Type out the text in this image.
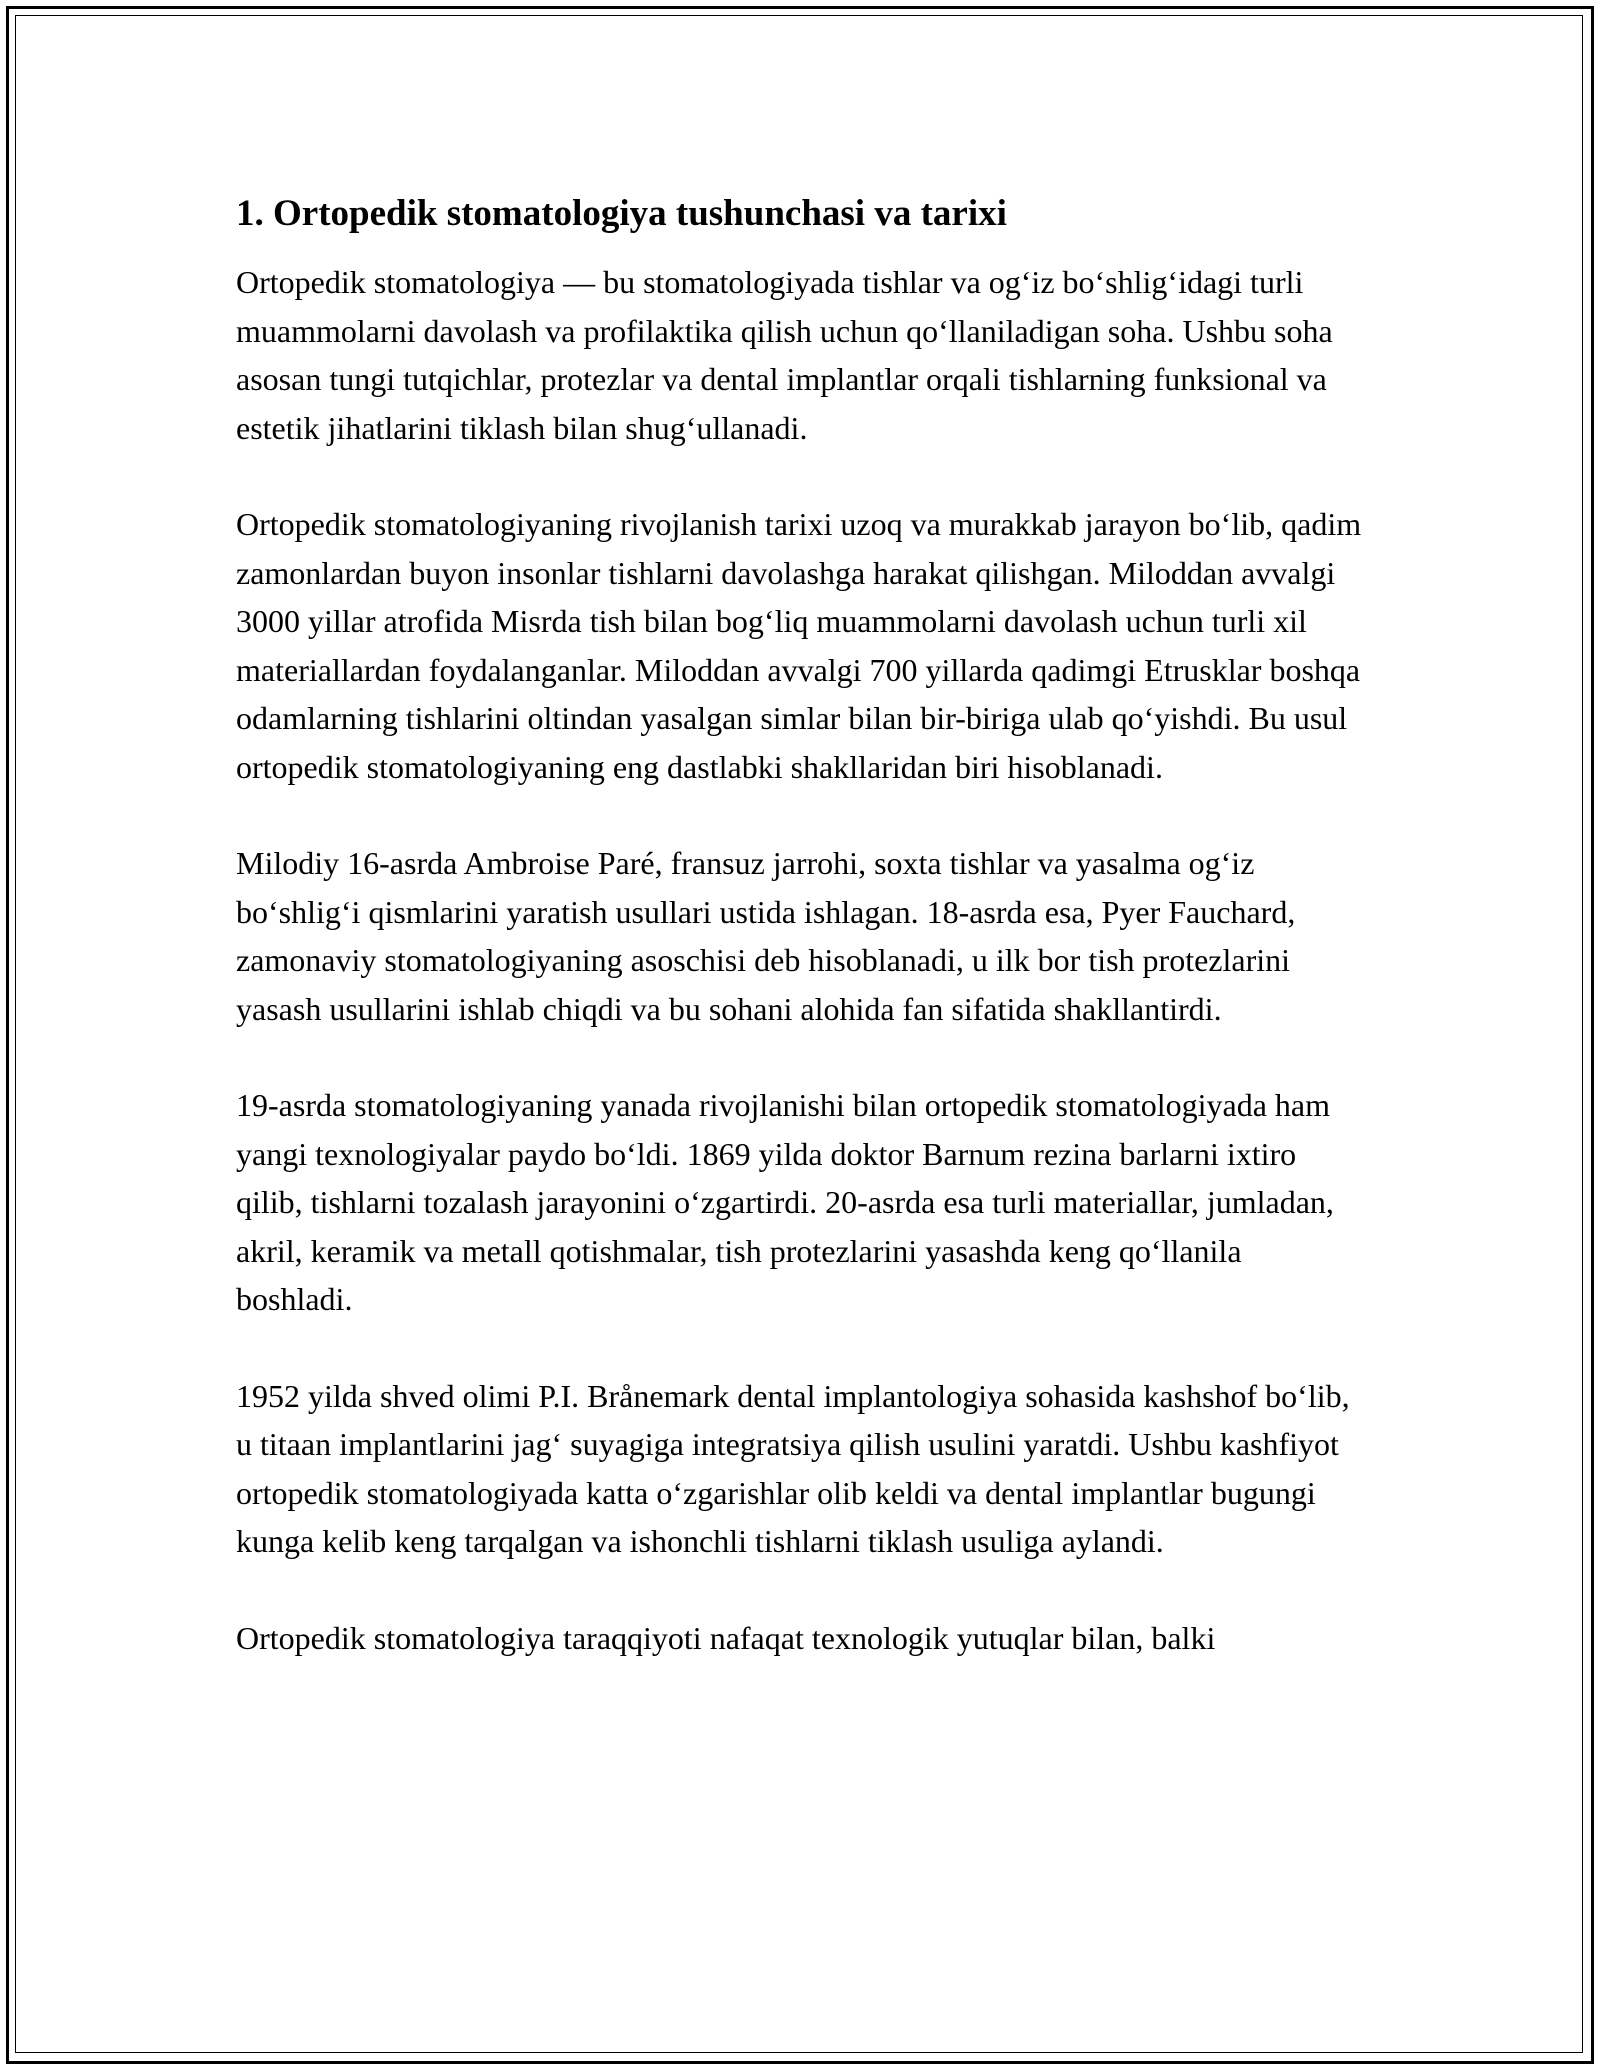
1. Ortopedik stomatologiya tushunchasi va tarixi

Ortopedik stomatologiya — bu stomatologiyada tishlar va og‘iz bo‘shlig‘idagi turli muammolarni davolash va profilaktika qilish uchun qo‘llaniladigan soha. Ushbu soha asosan tungi tutqichlar, protezlar va dental implantlar orqali tishlarning funksional va estetik jihatlarini tiklash bilan shug‘ullanadi.

Ortopedik stomatologiyaning rivojlanish tarixi uzoq va murakkab jarayon bo‘lib, qadim zamonlardan buyon insonlar tishlarni davolashga harakat qilishgan. Miloddan avvalgi 3000 yillar atrofida Misrda tish bilan bog‘liq muammolarni davolash uchun turli xil materiallardan foydalanganlar. Miloddan avvalgi 700 yillarda qadimgi Etrusklar boshqa odamlarning tishlarini oltindan yasalgan simlar bilan bir-biriga ulab qo‘yishdi. Bu usul ortopedik stomatologiyaning eng dastlabki shakllaridan biri hisoblanadi.

Milodiy 16-asrda Ambroise Paré, fransuz jarrohi, soxta tishlar va yasalma og‘iz bo‘shlig‘i qismlarini yaratish usullari ustida ishlagan. 18-asrda esa, Pyer Fauchard, zamonaviy stomatologiyaning asoschisi deb hisoblanadi, u ilk bor tish protezlarini yasash usullarini ishlab chiqdi va bu sohani alohida fan sifatida shakllantirdi.

19-asrda stomatologiyaning yanada rivojlanishi bilan ortopedik stomatologiyada ham yangi texnologiyalar paydo bo‘ldi. 1869 yilda doktor Barnum rezina barlarni ixtiro qilib, tishlarni tozalash jarayonini o‘zgartirdi. 20-asrda esa turli materiallar, jumladan, akril, keramik va metall qotishmalar, tish protezlarini yasashda keng qo‘llanila boshladi.

1952 yilda shved olimi P.I. Brånemark dental implantologiya sohasida kashshof bo‘lib, u titaan implantlarini jag‘ suyagiga integratsiya qilish usulini yaratdi. Ushbu kashfiyot ortopedik stomatologiyada katta o‘zgarishlar olib keldi va dental implantlar bugungi kunga kelib keng tarqalgan va ishonchli tishlarni tiklash usuliga aylandi.

Ortopedik stomatologiya taraqqiyoti nafaqat texnologik yutuqlar bilan, balki
